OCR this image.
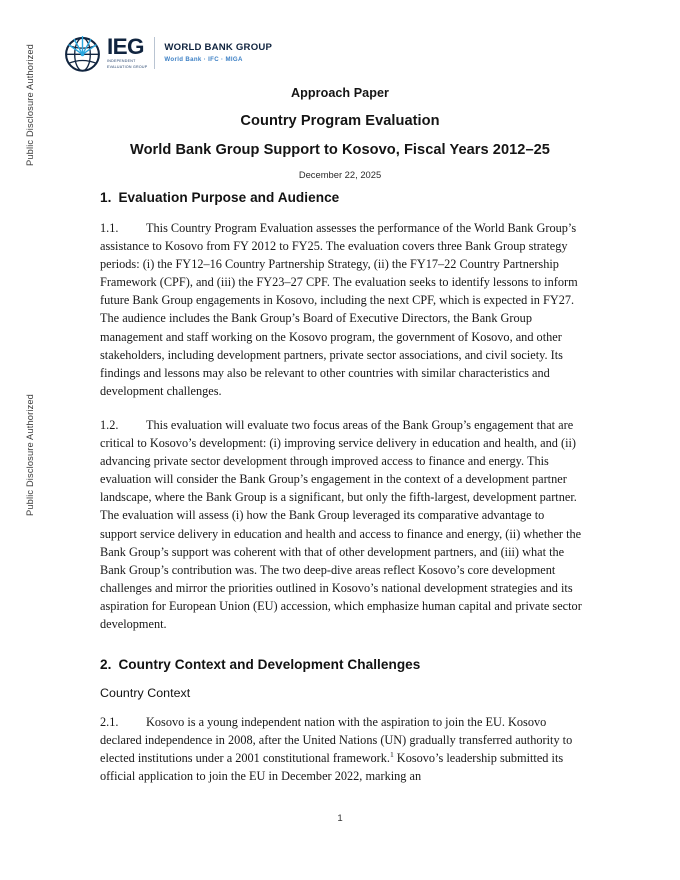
Public Disclosure Authorized
Public Disclosure Authorized
IEG
INDEPENDENT
EVALUATION GROUP
WORLD BANK GROUP
World Bank · IFC · MIGA
Approach Paper
Country Program Evaluation
World Bank Group Support to Kosovo, Fiscal Years 2012–25
December 22, 2025
1. Evaluation Purpose and Audience

1.1. This Country Program Evaluation assesses the performance of the World Bank Group’s assistance to Kosovo from FY 2012 to FY25. The evaluation covers three Bank Group strategy periods: (i) the FY12–16 Country Partnership Strategy, (ii) the FY17–22 Country Partnership Framework (CPF), and (iii) the FY23–27 CPF. The evaluation seeks to identify lessons to inform future Bank Group engagements in Kosovo, including the next CPF, which is expected in FY27. The audience includes the Bank Group’s Board of Executive Directors, the Bank Group management and staff working on the Kosovo program, the government of Kosovo, and other stakeholders, including development partners, private sector associations, and civil society. Its findings and lessons may also be relevant to other countries with similar characteristics and development challenges.

1.2. This evaluation will evaluate two focus areas of the Bank Group’s engagement that are critical to Kosovo’s development: (i) improving service delivery in education and health, and (ii) advancing private sector development through improved access to finance and energy. This evaluation will consider the Bank Group’s engagement in the context of a development partner landscape, where the Bank Group is a significant, but only the fifth-largest, development partner. The evaluation will assess (i) how the Bank Group leveraged its comparative advantage to support service delivery in education and health and access to finance and energy, (ii) whether the Bank Group’s support was coherent with that of other development partners, and (iii) what the Bank Group’s contribution was. The two deep-dive areas reflect Kosovo’s core development challenges and mirror the priorities outlined in Kosovo’s national development strategies and its aspiration for European Union (EU) accession, which emphasize human capital and private sector development.

2. Country Context and Development Challenges
Country Context

2.1. Kosovo is a young independent nation with the aspiration to join the EU. Kosovo declared independence in 2008, after the United Nations (UN) gradually transferred authority to elected institutions under a 2001 constitutional framework.$^1$ Kosovo’s leadership submitted its official application to join the EU in December 2022, marking an

1
